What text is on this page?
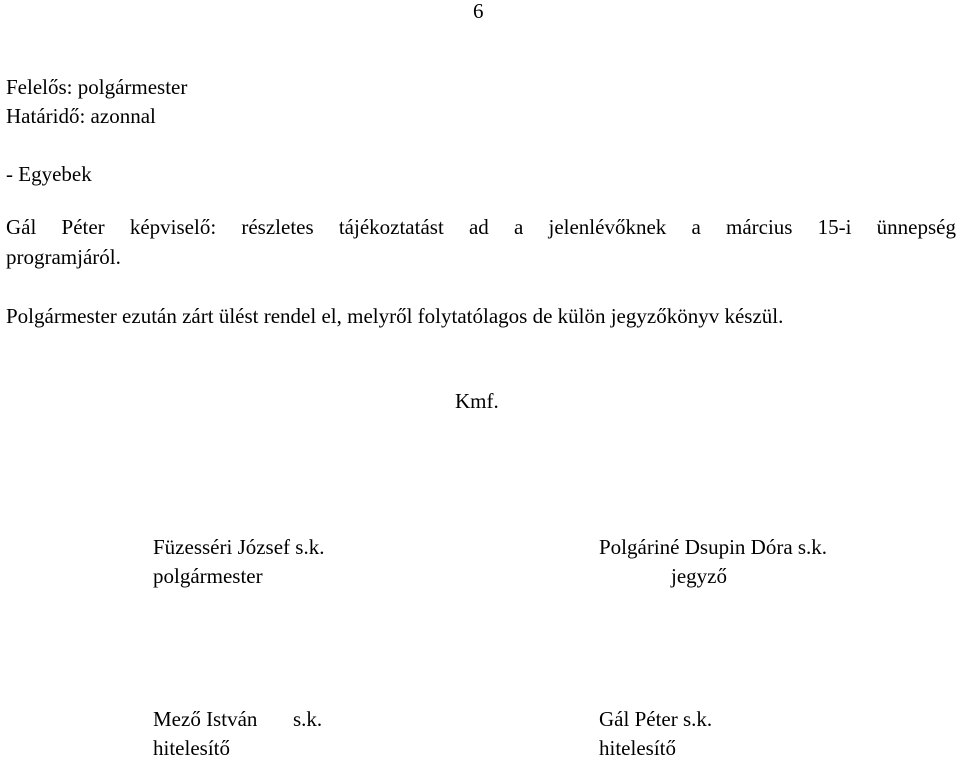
6
Felelős: polgármester
Határidő: azonnal
- Egyebek
Gál Péter képviselő: részletes tájékoztatást ad a jelenlévőknek a március 15-i ünnepség
programjáról.
Polgármester ezután zárt ülést rendel el, melyről folytatólagos de külön jegyzőkönyv készül.
Kmf.
Füzesséri József s.k.
polgármester
Polgáriné Dsupin Dóra s.k.
jegyző
Mező István s.k.
hitelesítő
Gál Péter s.k.
hitelesítő
